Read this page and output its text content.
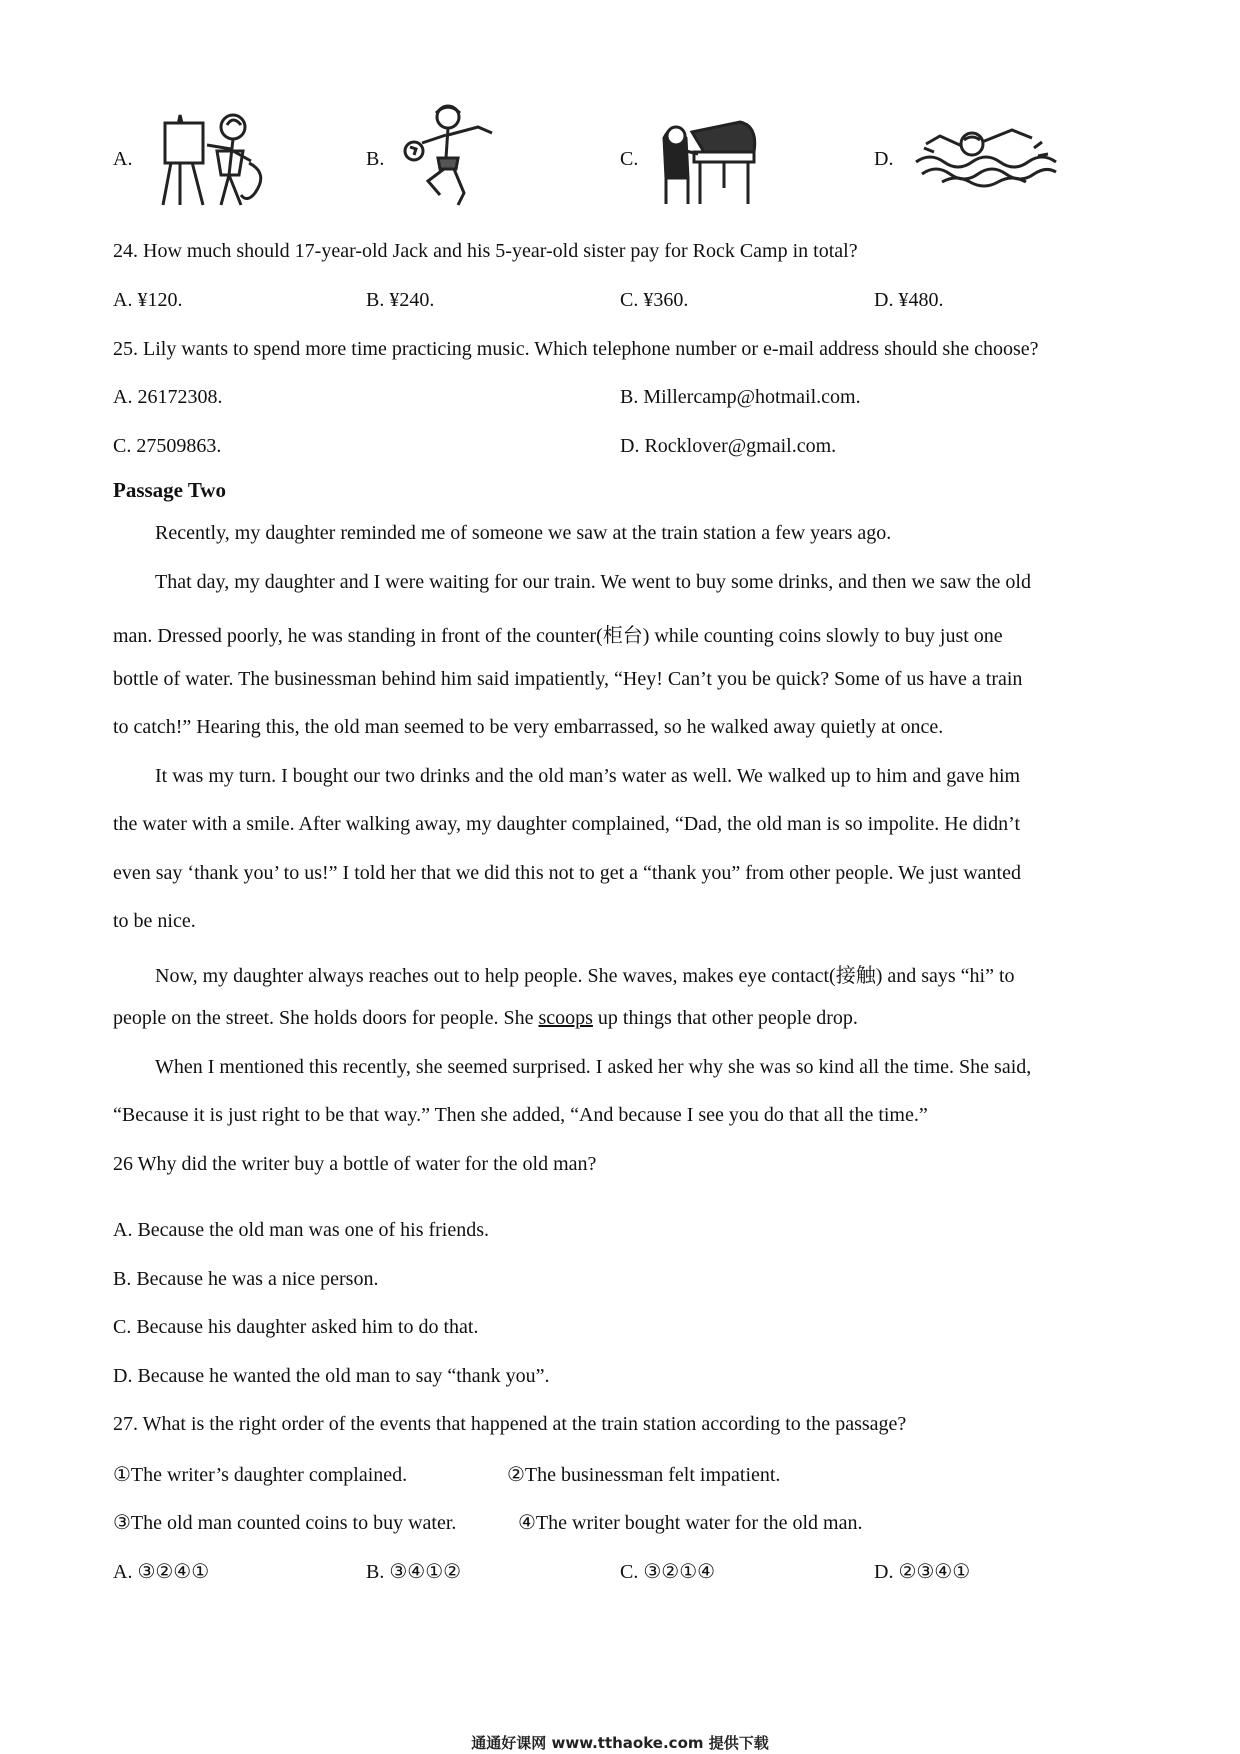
A.	B.	C.	D.
24. How much should 17-year-old Jack and his 5-year-old sister pay for Rock Camp in total?
A. ¥120.	B. ¥240.	C. ¥360.	D. ¥480.
25. Lily wants to spend more time practicing music. Which telephone number or e-mail address should she choose?
A. 26172308.	B. Millercamp@hotmail.com.
C. 27509863.	D. Rocklover@gmail.com.
Passage Two
Recently, my daughter reminded me of someone we saw at the train station a few years ago.
That day, my daughter and I were waiting for our train. We went to buy some drinks, and then we saw the old
man. Dressed poorly, he was standing in front of the counter(柜台) while counting coins slowly to buy just one
bottle of water. The businessman behind him said impatiently, “Hey! Can’t you be quick? Some of us have a train
to catch!” Hearing this, the old man seemed to be very embarrassed, so he walked away quietly at once.
It was my turn. I bought our two drinks and the old man’s water as well. We walked up to him and gave him
the water with a smile. After walking away, my daughter complained, “Dad, the old man is so impolite. He didn’t
even say ‘thank you’ to us!” I told her that we did this not to get a “thank you” from other people. We just wanted
to be nice.
Now, my daughter always reaches out to help people. She waves, makes eye contact(接触) and says “hi” to
people on the street. She holds doors for people. She scoops up things that other people drop.
When I mentioned this recently, she seemed surprised. I asked her why she was so kind all the time. She said,
“Because it is just right to be that way.” Then she added, “And because I see you do that all the time.”
26 Why did the writer buy a bottle of water for the old man?
A. Because the old man was one of his friends.
B. Because he was a nice person.
C. Because his daughter asked him to do that.
D. Because he wanted the old man to say “thank you”.
27. What is the right order of the events that happened at the train station according to the passage?
①The writer’s daughter complained.	②The businessman felt impatient.
③The old man counted coins to buy water.	④The writer bought water for the old man.
A. ③②④①	B. ③④①②	C. ③②①④	D. ②③④①
通通好课网 www.tthaoke.com 提供下载
